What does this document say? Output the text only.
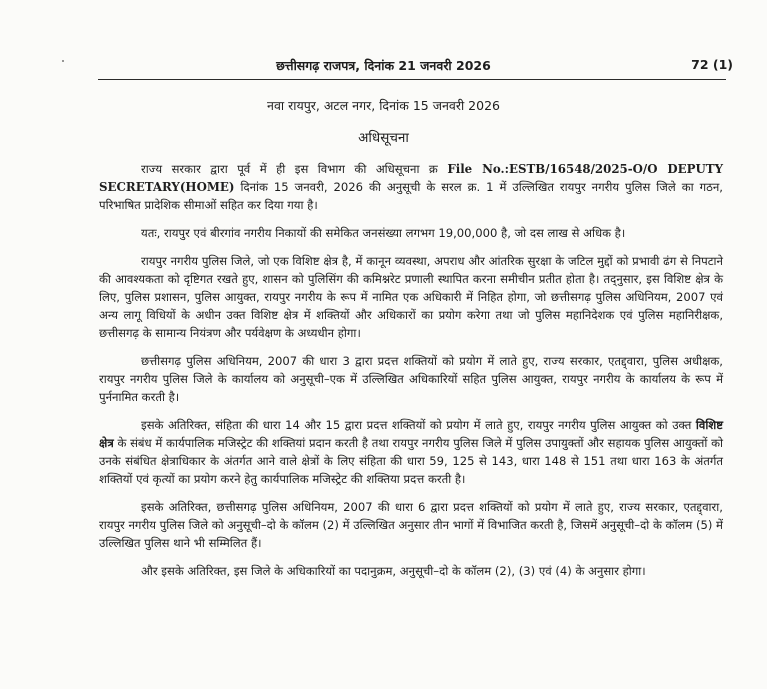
छत्तीसगढ़ राजपत्र, दिनांक 21 जनवरी 2026	72 (1)
नवा रायपुर, अटल नगर, दिनांक 15 जनवरी 2026
अधिसूचना

राज्य सरकार द्वारा पूर्व में ही इस विभाग की अधिसूचना क्र File No.:ESTB/16548/2025-O/O DEPUTY SECRETARY(HOME) दिनांक 15 जनवरी, 2026 की अनुसूची के सरल क्र. 1 में उल्लिखित रायपुर नगरीय पुलिस जिले का गठन, परिभाषित प्रादेशिक सीमाओं सहित कर दिया गया है।

यतः, रायपुर एवं बीरगांव नगरीय निकायों की समेकित जनसंख्या लगभग 19,00,000 है, जो दस लाख से अधिक है।

रायपुर नगरीय पुलिस जिले, जो एक विशिष्ट क्षेत्र है, में कानून व्यवस्था, अपराध और आंतरिक सुरक्षा के जटिल मुद्दों को प्रभावी ढंग से निपटाने की आवश्यकता को दृष्टिगत रखते हुए, शासन को पुलिसिंग की कमिश्नरेट प्रणाली स्थापित करना समीचीन प्रतीत होता है। तद्नुसार, इस विशिष्ट क्षेत्र के लिए, पुलिस प्रशासन, पुलिस आयुक्त, रायपुर नगरीय के रूप में नामित एक अधिकारी में निहित होगा, जो छत्तीसगढ़ पुलिस अधिनियम, 2007 एवं अन्य लागू विधियों के अधीन उक्त विशिष्ट क्षेत्र में शक्तियों और अधिकारों का प्रयोग करेगा तथा जो पुलिस महानिदेशक एवं पुलिस महानिरीक्षक, छत्तीसगढ़ के सामान्य नियंत्रण और पर्यवेक्षण के अध्यधीन होगा।

छत्तीसगढ़ पुलिस अधिनियम, 2007 की धारा 3 द्वारा प्रदत्त शक्तियों को प्रयोग में लाते हुए, राज्य सरकार, एतद्द्वारा, पुलिस अधीक्षक, रायपुर नगरीय पुलिस जिले के कार्यालय को अनुसूची–एक में उल्लिखित अधिकारियों सहित पुलिस आयुक्त, रायपुर नगरीय के कार्यालय के रूप में पुर्ननामित करती है।

इसके अतिरिक्त, संहिता की धारा 14 और 15 द्वारा प्रदत्त शक्तियों को प्रयोग में लाते हुए, रायपुर नगरीय पुलिस आयुक्त को उक्त विशिष्ट क्षेत्र के संबंध में कार्यपालिक मजिस्ट्रेट की शक्तियां प्रदान करती है तथा रायपुर नगरीय पुलिस जिले में पुलिस उपायुक्तों और सहायक पुलिस आयुक्तों को उनके संबंधित क्षेत्राधिकार के अंतर्गत आने वाले क्षेत्रों के लिए संहिता की धारा 59, 125 से 143, धारा 148 से 151 तथा धारा 163 के अंतर्गत शक्तियों एवं कृत्यों का प्रयोग करने हेतु कार्यपालिक मजिस्ट्रेट की शक्तिया प्रदत्त करती है।

इसके अतिरिक्त, छत्तीसगढ़ पुलिस अधिनियम, 2007 की धारा 6 द्वारा प्रदत्त शक्तियों को प्रयोग में लाते हुए, राज्य सरकार, एतद्द्वारा, रायपुर नगरीय पुलिस जिले को अनुसूची–दो के कॉलम (2) में उल्लिखित अनुसार तीन भागों में विभाजित करती है, जिसमें अनुसूची–दो के कॉलम (5) में उल्लिखित पुलिस थाने भी सम्मिलित हैं।

और इसके अतिरिक्त, इस जिले के अधिकारियों का पदानुक्रम, अनुसूची–दो के कॉलम (2), (3) एवं (4) के अनुसार होगा।
